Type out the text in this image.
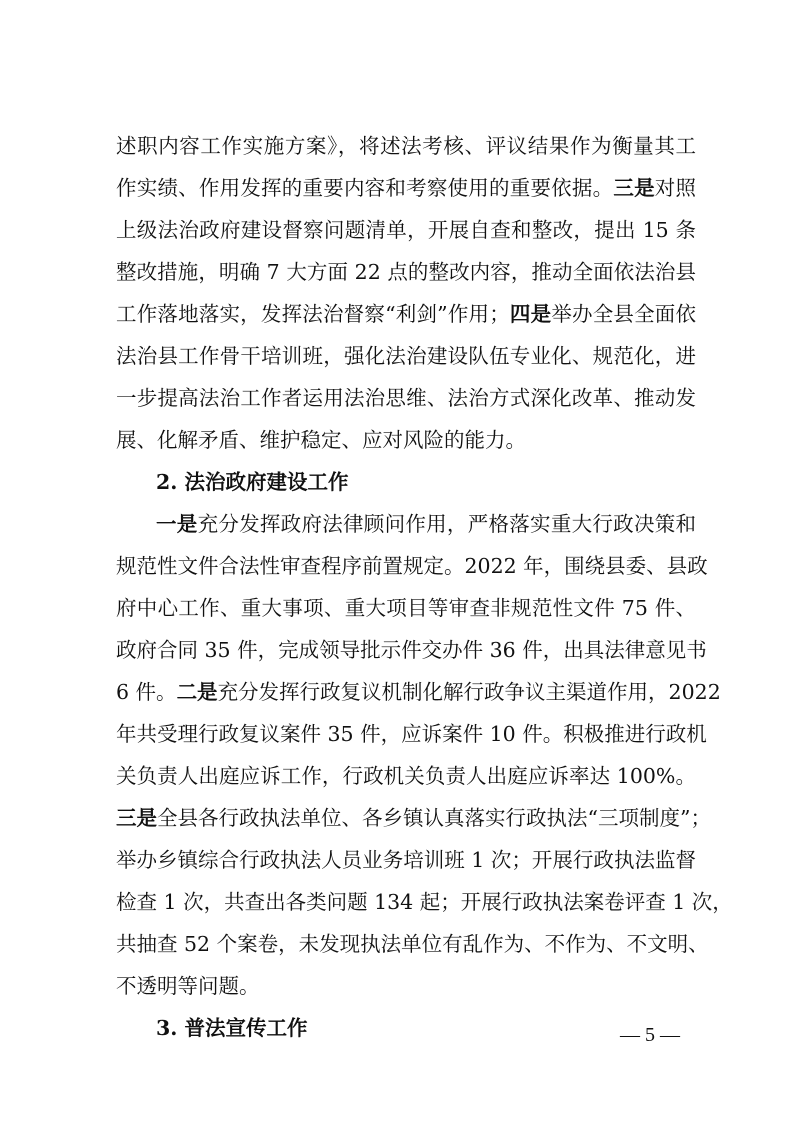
述职内容工作实施方案》，将述法考核、评议结果作为衡量其工
作实绩、作用发挥的重要内容和考察使用的重要依据。三是对照
上级法治政府建设督察问题清单，开展自查和整改，提出 15 条
整改措施，明确 7 大方面 22 点的整改内容，推动全面依法治县
工作落地落实，发挥法治督察“利剑”作用；四是举办全县全面依
法治县工作骨干培训班，强化法治建设队伍专业化、规范化，进
一步提高法治工作者运用法治思维、法治方式深化改革、推动发
展、化解矛盾、维护稳定、应对风险的能力。
2. 法治政府建设工作
一是充分发挥政府法律顾问作用，严格落实重大行政决策和
规范性文件合法性审查程序前置规定。2022 年，围绕县委、县政
府中心工作、重大事项、重大项目等审查非规范性文件 75 件、
政府合同 35 件，完成领导批示件交办件 36 件，出具法律意见书
6 件。二是充分发挥行政复议机制化解行政争议主渠道作用，2022
年共受理行政复议案件 35 件，应诉案件 10 件。积极推进行政机
关负责人出庭应诉工作，行政机关负责人出庭应诉率达 100%。
三是全县各行政执法单位、各乡镇认真落实行政执法“三项制度”；
举办乡镇综合行政执法人员业务培训班 1 次；开展行政执法监督
检查 1 次，共查出各类问题 134 起；开展行政执法案卷评查 1 次，
共抽查 52 个案卷，未发现执法单位有乱作为、不作为、不文明、
不透明等问题。
3. 普法宣传工作	— 5 —
